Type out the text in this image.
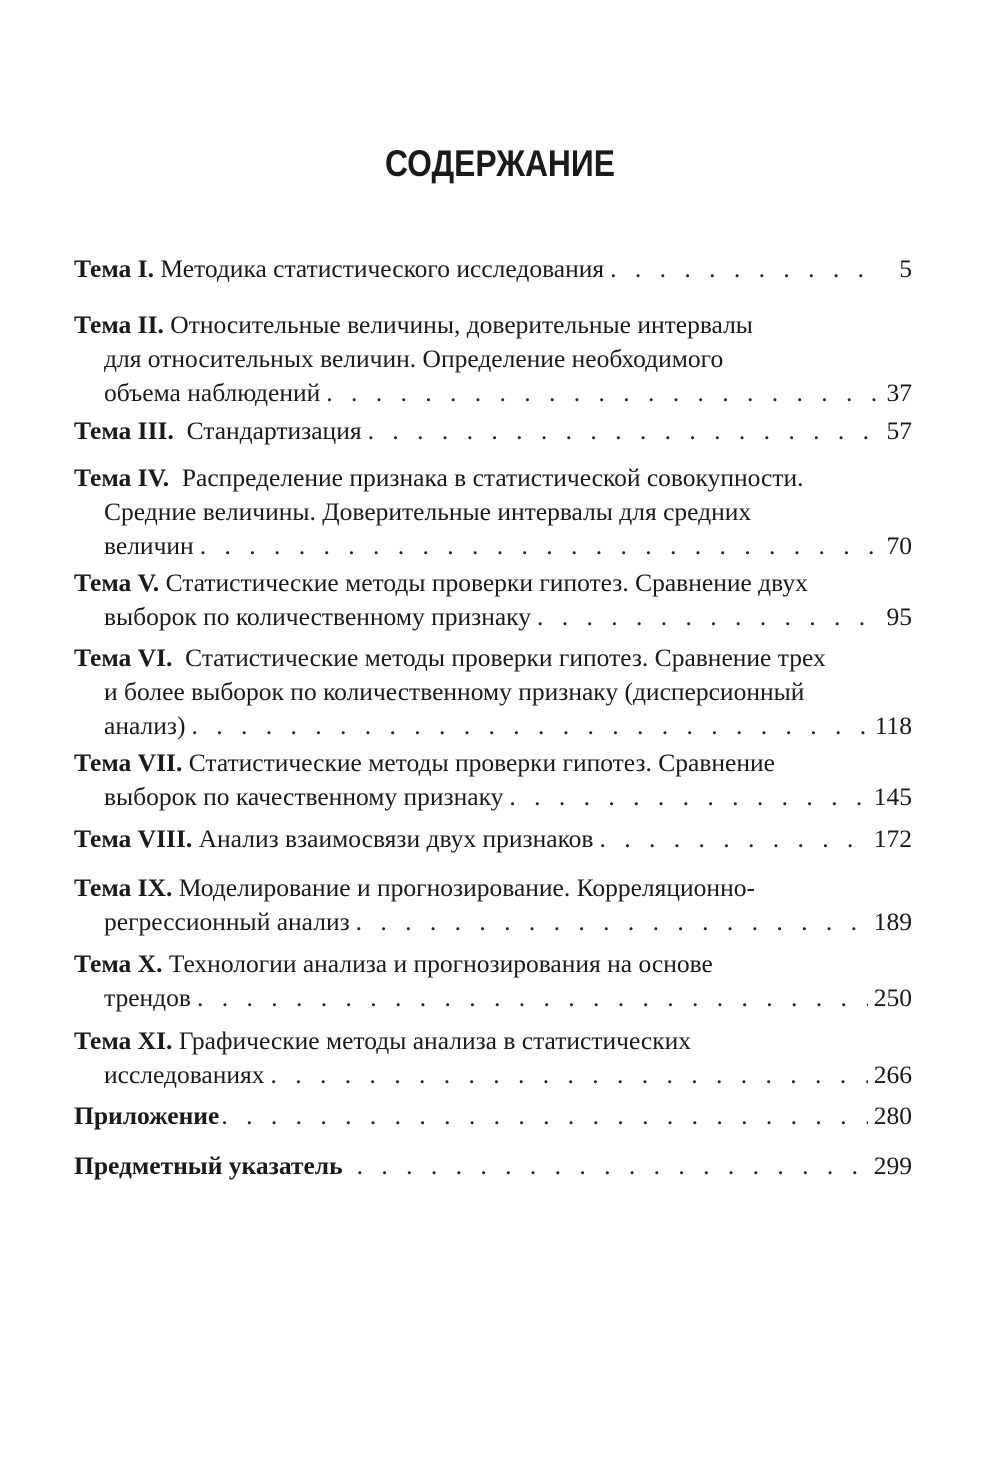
СОДЕРЖАНИЕ
Тема I. Методика статистического исследования . . .	5
Тема II. Относительные величины, доверительные интервалы
для относительных величин. Определение необходимого
объема наблюдений . . .	37
Тема III. Стандартизация . . .	57
Тема IV. Распределение признака в статистической совокупности.
Средние величины. Доверительные интервалы для средних
величин . . .	70
Тема V. Статистические методы проверки гипотез. Сравнение двух
выборок по количественному признаку . . .	95
Тема VI. Статистические методы проверки гипотез. Сравнение трех
и более выборок по количественному признаку (дисперсионный
анализ) . . .	118
Тема VII. Статистические методы проверки гипотез. Сравнение
выборок по качественному признаку . . .	145
Тема VIII. Анализ взаимосвязи двух признаков . . .	172
Тема IX. Моделирование и прогнозирование. Корреляционно-
регрессионный анализ . . .	189
Тема X. Технологии анализа и прогнозирования на основе
трендов . . .	250
Тема XI. Графические методы анализа в статистических
исследованиях . . .	266
Приложение . . .	280
Предметный указатель . . .	299
